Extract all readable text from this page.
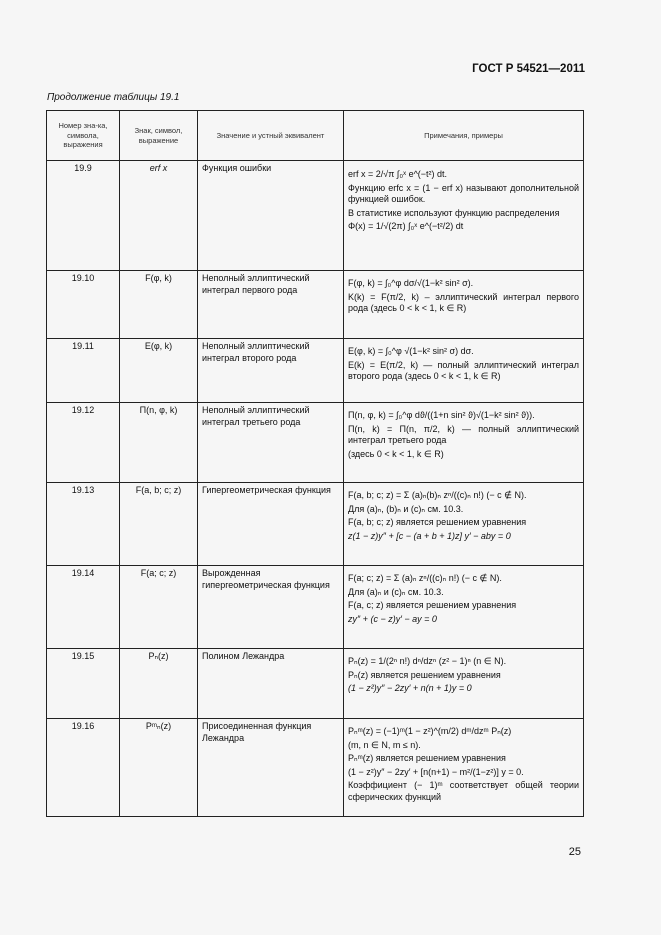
ГОСТ Р 54521—2011
Продолжение таблицы 19.1
Номер зна-ка, символа, выражения	Знак, символ, выражение	Значение и устный эквивалент	Примечания, примеры
19.9	erf x	Функция ошибки	erf x = 2/√π ∫₀ˣ e^(−t²) dt.
Функцию erfc x = (1 − erf x) называют дополнительной функцией ошибок.
В статистике используют функцию распределения
Φ(x) = 1/√(2π) ∫₀ˣ e^(−t²/2) dt

19.10	F(φ, k)	Неполный эллиптический интеграл первого рода	F(φ, k) = ∫₀^φ dσ/√(1−k² sin² σ).
K(k) = F(π/2, k) – эллиптический интеграл первого рода (здесь 0 < k < 1, k ∈ R)

19.11	E(φ, k)	Неполный эллиптический интеграл второго рода	E(φ, k) = ∫₀^φ √(1−k² sin² σ) dσ.
E(k) = E(π/2, k) — полный эллиптический интеграл второго рода (здесь 0 < k < 1, k ∈ R)

19.12	Π(n, φ, k)	Неполный эллиптический интеграл третьего рода	Π(n, φ, k) = ∫₀^φ dϑ/((1+n sin² ϑ)√(1−k² sin² ϑ)).
Π(n, k) = Π(n, π/2, k) — полный эллиптический интеграл третьего рода
(здесь 0 < k < 1, k ∈ R)

19.13	F(a, b; c; z)	Гипергеометрическая функция	F(a, b; c; z) = Σ (a)ₙ(b)ₙ zⁿ/((c)ₙ n!) (− c ∉ N).
Для (a)ₙ, (b)ₙ и (c)ₙ см. 10.3.
F(a, b; c; z) является решением уравнения
z(1 − z)y″ + [c − (a + b + 1)z] y′ − aby = 0

19.14	F(a; c; z)	Вырожденная гипергеометрическая функция	F(a; c; z) = Σ (a)ₙ zⁿ/((c)ₙ n!) (− c ∉ N).
Для (a)ₙ и (c)ₙ см. 10.3.
F(a, c; z) является решением уравнения
zy″ + (c − z)y′ − ay = 0

19.15	Pₙ(z)	Полином Лежандра	Pₙ(z) = 1/(2ⁿ n!) dⁿ/dzⁿ (z² − 1)ⁿ (n ∈ N).
Pₙ(z) является решением уравнения
(1 − z²)y″ − 2zy′ + n(n + 1)y = 0

19.16	Pᵐₙ(z)	Присоединенная функция Лежандра	Pₙᵐ(z) = (−1)ᵐ(1 − z²)^(m/2) dᵐ/dzᵐ Pₙ(z)
(m, n ∈ N, m ≤ n).
Pₙᵐ(z) является решением уравнения
(1 − z²)y″ − 2zy′ + [n(n+1) − m²/(1−z²)] y = 0.
Коэффициент (− 1)ᵐ соответствует общей теории сферических функций
25
